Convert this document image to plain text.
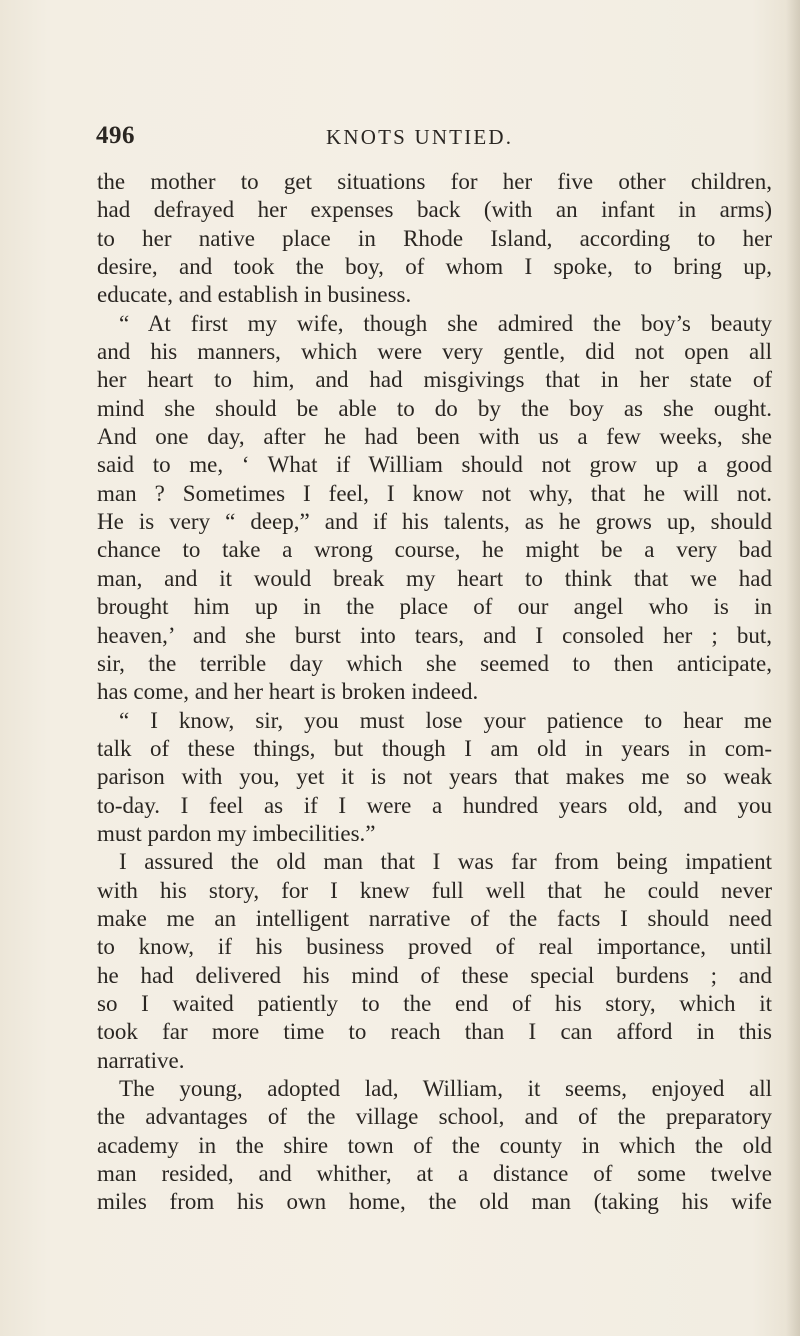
496	KNOTS UNTIED.
the mother to get situations for her five other children,
had defrayed her expenses back (with an infant in arms)
to her native place in Rhode Island, according to her
desire, and took the boy, of whom I spoke, to bring up,
educate, and establish in business.
“ At first my wife, though she admired the boy’s beauty
and his manners, which were very gentle, did not open all
her heart to him, and had misgivings that in her state of
mind she should be able to do by the boy as she ought.
And one day, after he had been with us a few weeks, she
said to me, ‘ What if William should not grow up a good
man ? Sometimes I feel, I know not why, that he will not.
He is very “ deep,” and if his talents, as he grows up, should
chance to take a wrong course, he might be a very bad
man, and it would break my heart to think that we had
brought him up in the place of our angel who is in
heaven,’ and she burst into tears, and I consoled her ; but,
sir, the terrible day which she seemed to then anticipate,
has come, and her heart is broken indeed.
“ I know, sir, you must lose your patience to hear me
talk of these things, but though I am old in years in com-
parison with you, yet it is not years that makes me so weak
to-day. I feel as if I were a hundred years old, and you
must pardon my imbecilities.”
I assured the old man that I was far from being impatient
with his story, for I knew full well that he could never
make me an intelligent narrative of the facts I should need
to know, if his business proved of real importance, until
he had delivered his mind of these special burdens ; and
so I waited patiently to the end of his story, which it
took far more time to reach than I can afford in this
narrative.
The young, adopted lad, William, it seems, enjoyed all
the advantages of the village school, and of the preparatory
academy in the shire town of the county in which the old
man resided, and whither, at a distance of some twelve
miles from his own home, the old man (taking his wife
